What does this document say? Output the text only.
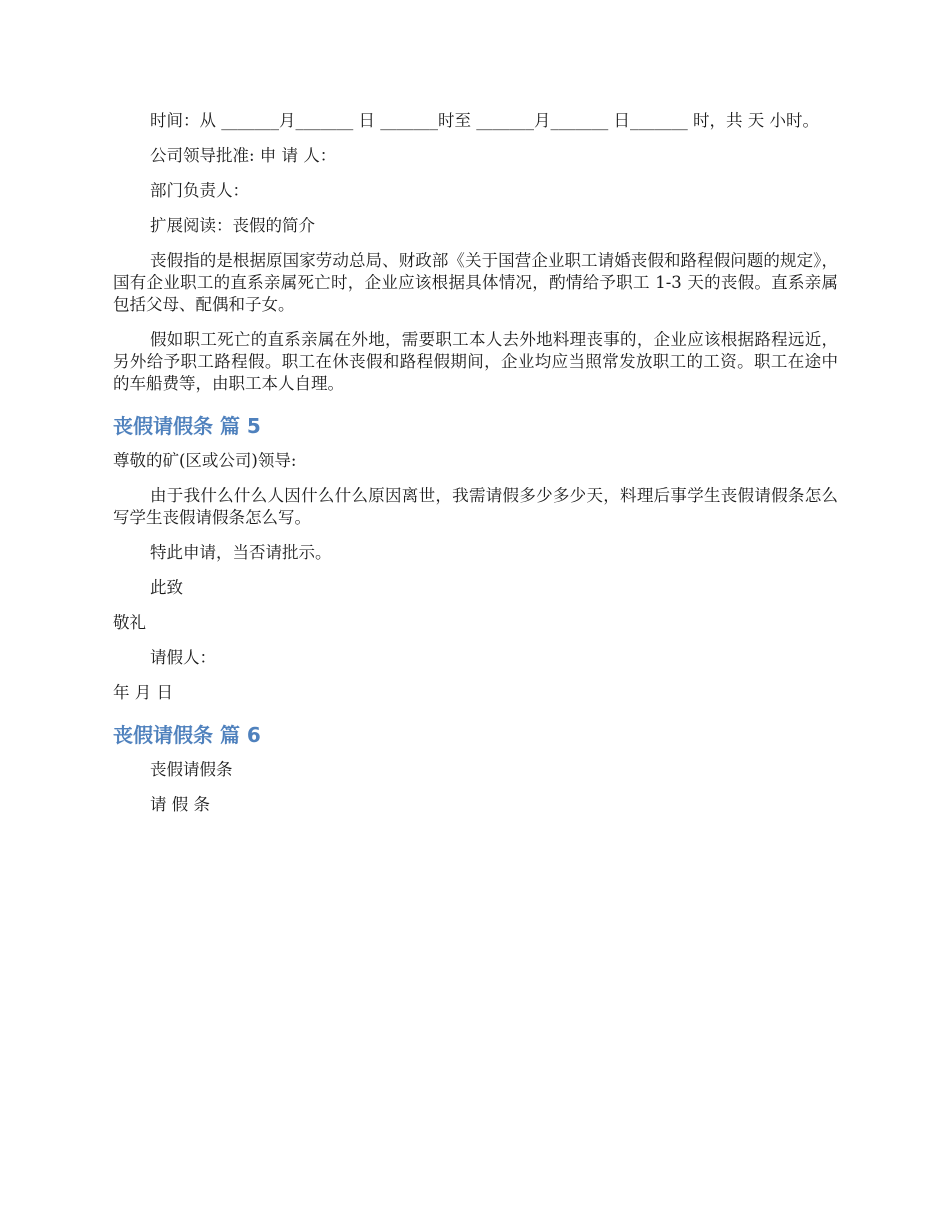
时间：从 _______月_______ 日 _______时至 _______月_______ 日_______ 时，共 天 小时。

公司领导批准: 申 请 人：

部门负责人：

扩展阅读：丧假的简介

丧假指的是根据原国家劳动总局、财政部《关于国营企业职工请婚丧假和路程假问题的规定》，国有企业职工的直系亲属死亡时，企业应该根据具体情况，酌情给予职工 1-3 天的丧假。直系亲属包括父母、配偶和子女。

假如职工死亡的直系亲属在外地，需要职工本人去外地料理丧事的，企业应该根据路程远近，另外给予职工路程假。职工在休丧假和路程假期间，企业均应当照常发放职工的工资。职工在途中的车船费等，由职工本人自理。

丧假请假条 篇 5

尊敬的矿(区或公司)领导:

由于我什么什么人因什么什么原因离世，我需请假多少多少天，料理后事学生丧假请假条怎么写学生丧假请假条怎么写。

特此申请，当否请批示。

此致

敬礼

请假人：

年 月 日

丧假请假条 篇 6

丧假请假条

请 假 条
